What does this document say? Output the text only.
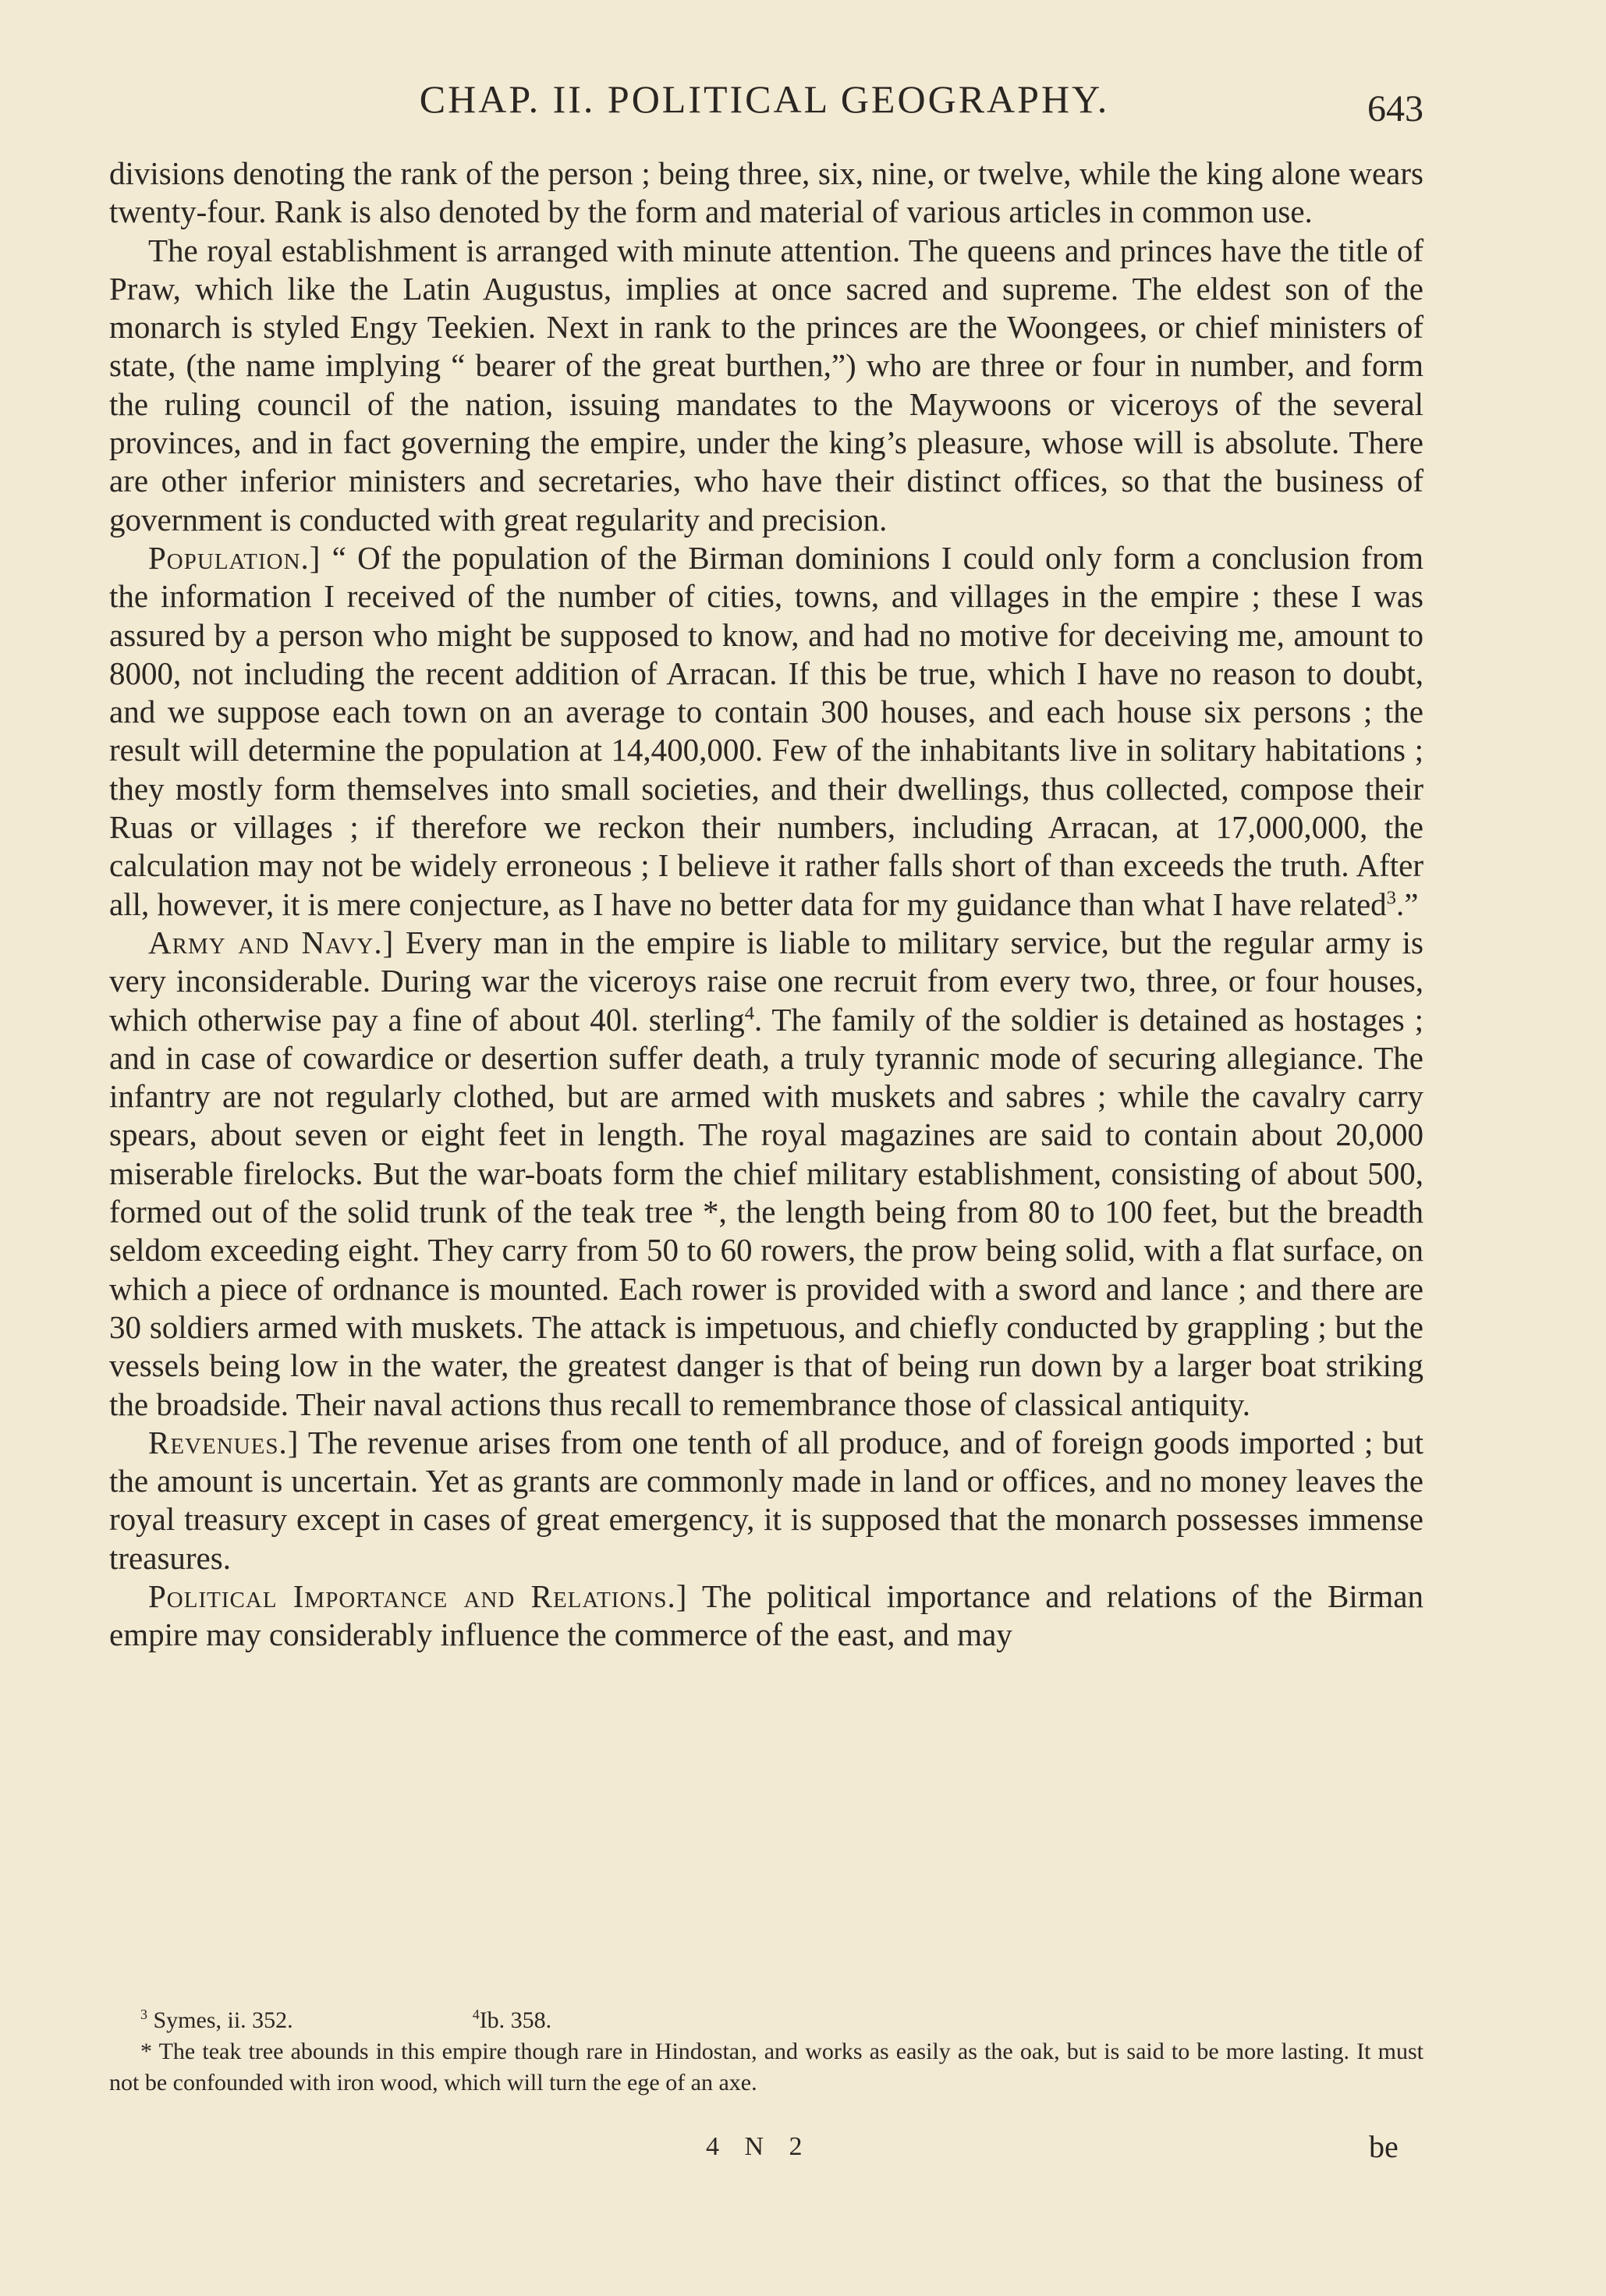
CHAP. II. POLITICAL GEOGRAPHY.	643

divisions denoting the rank of the person ; being three, six, nine, or twelve, while the king alone wears twenty-four. Rank is also denoted by the form and material of various articles in common use.

The royal establishment is arranged with minute attention. The queens and princes have the title of Praw, which like the Latin Augustus, implies at once sacred and supreme. The eldest son of the monarch is styled Engy Teekien. Next in rank to the princes are the Woongees, or chief ministers of state, (the name implying “ bearer of the great burthen,”) who are three or four in number, and form the ruling council of the nation, issuing mandates to the Maywoons or viceroys of the several provinces, and in fact governing the empire, under the king’s pleasure, whose will is absolute. There are other inferior ministers and secretaries, who have their distinct offices, so that the business of government is conducted with great regularity and precision.

Population.] “ Of the population of the Birman dominions I could only form a conclusion from the information I received of the number of cities, towns, and villages in the empire ; these I was assured by a person who might be supposed to know, and had no motive for deceiving me, amount to 8000, not including the recent addition of Arracan. If this be true, which I have no reason to doubt, and we suppose each town on an average to contain 300 houses, and each house six persons ; the result will determine the population at 14,400,000. Few of the inhabitants live in solitary habitations ; they mostly form themselves into small societies, and their dwellings, thus collected, compose their Ruas or villages ; if therefore we reckon their numbers, including Arracan, at 17,000,000, the calculation may not be widely erroneous ; I believe it rather falls short of than exceeds the truth. After all, however, it is mere conjecture, as I have no better data for my guidance than what I have related$^3$.”

Army and Navy.] Every man in the empire is liable to military service, but the regular army is very inconsiderable. During war the viceroys raise one recruit from every two, three, or four houses, which otherwise pay a fine of about 40l. sterling$^4$. The family of the soldier is detained as hostages ; and in case of cowardice or desertion suffer death, a truly tyrannic mode of securing allegiance. The infantry are not regularly clothed, but are armed with muskets and sabres ; while the cavalry carry spears, about seven or eight feet in length. The royal magazines are said to contain about 20,000 miserable firelocks. But the war-boats form the chief military establishment, consisting of about 500, formed out of the solid trunk of the teak tree *, the length being from 80 to 100 feet, but the breadth seldom exceeding eight. They carry from 50 to 60 rowers, the prow being solid, with a flat surface, on which a piece of ordnance is mounted. Each rower is provided with a sword and lance ; and there are 30 soldiers armed with muskets. The attack is impetuous, and chiefly conducted by grappling ; but the vessels being low in the water, the greatest danger is that of being run down by a larger boat striking the broadside. Their naval actions thus recall to remembrance those of classical antiquity.

Revenues.] The revenue arises from one tenth of all produce, and of foreign goods imported ; but the amount is uncertain. Yet as grants are commonly made in land or offices, and no money leaves the royal treasury except in cases of great emergency, it is supposed that the monarch possesses immense treasures.

Political Importance and Relations.] The political importance and relations of the Birman empire may considerably influence the commerce of the east, and may

$^3$ Symes, ii. 352.	$^4$Ib. 358.

* The teak tree abounds in this empire though rare in Hindostan, and works as easily as the oak, but is said to be more lasting. It must not be confounded with iron wood, which will turn the ege of an axe.

4 N 2	be
